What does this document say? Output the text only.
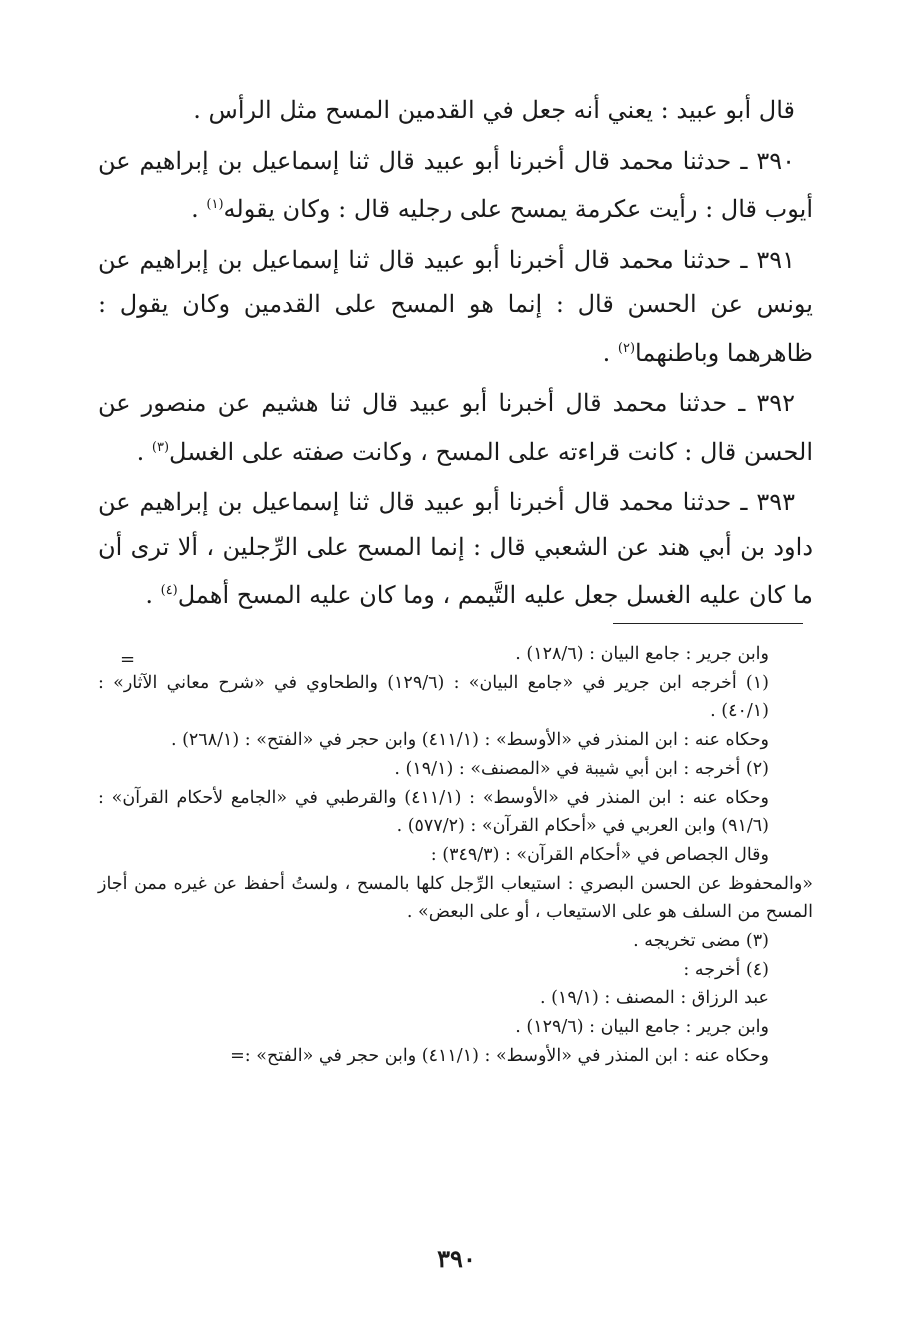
قال أبو عبيد : يعني أنه جعل في القدمين المسح مثل الرأس .

٣٩٠ ـ حدثنا محمد قال أخبرنا أبو عبيد قال ثنا إسماعيل بن إبراهيم عن أيوب قال : رأيت عكرمة يمسح على رجليه قال : وكان يقوله$^{(١)}$ .

٣٩١ ـ حدثنا محمد قال أخبرنا أبو عبيد قال ثنا إسماعيل بن إبراهيم عن يونس عن الحسن قال : إنما هو المسح على القدمين وكان يقول : ظاهرهما وباطنهما$^{(٢)}$ .

٣٩٢ ـ حدثنا محمد قال أخبرنا أبو عبيد قال ثنا هشيم عن منصور عن الحسن قال : كانت قراءته على المسح ، وكانت صفته على الغسل$^{(٣)}$ .

٣٩٣ ـ حدثنا محمد قال أخبرنا أبو عبيد قال ثنا إسماعيل بن إبراهيم عن داود بن أبي هند عن الشعبي قال : إنما المسح على الرِّجلين ، ألا ترى أن ما كان عليه الغسل جعل عليه التَّيمم ، وما كان عليه المسح أهمل$^{(٤)}$ .

=	وابن جرير : جامع البيان : (١٢٨/٦) .

(١) أخرجه ابن جرير في «جامع البيان» : (١٢٩/٦) والطحاوي في «شرح معاني الآثار» : (٤٠/١) .

وحكاه عنه : ابن المنذر في «الأوسط» : (٤١١/١) وابن حجر في «الفتح» : (٢٦٨/١) .

(٢) أخرجه : ابن أبي شيبة في «المصنف» : (١٩/١) .

وحكاه عنه : ابن المنذر في «الأوسط» : (٤١١/١) والقرطبي في «الجامع لأحكام القرآن» : (٩١/٦) وابن العربي في «أحكام القرآن» : (٥٧٧/٢) .

وقال الجصاص في «أحكام القرآن» : (٣٤٩/٣) :

«والمحفوظ عن الحسن البصري : استيعاب الرِّجل كلها بالمسح ، ولستُ أحفظ عن غيره ممن أجاز المسح من السلف هو على الاستيعاب ، أو على البعض» .

(٣) مضى تخريجه .

(٤) أخرجه :

عبد الرزاق : المصنف : (١٩/١) .

وابن جرير : جامع البيان : (١٢٩/٦) .

وحكاه عنه : ابن المنذر في «الأوسط» : (٤١١/١) وابن حجر في «الفتح» :=

٣٩٠
